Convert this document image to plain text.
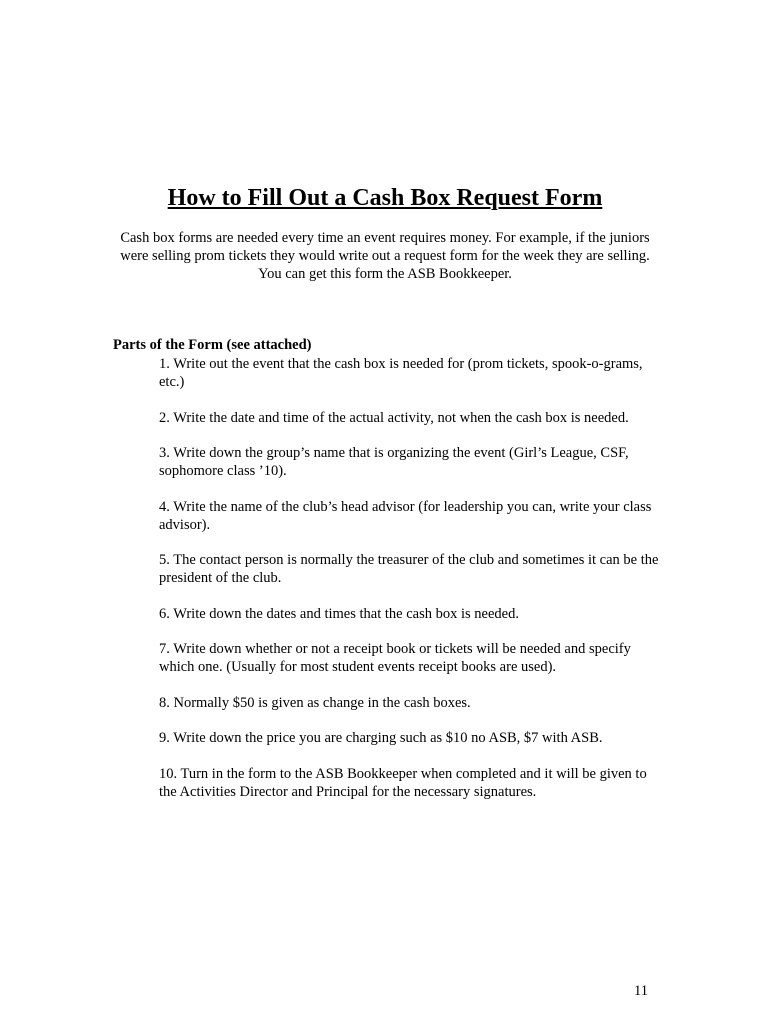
How to Fill Out a Cash Box Request Form

Cash box forms are needed every time an event requires money. For example, if the juniors were selling prom tickets they would write out a request form for the week they are selling. You can get this form the ASB Bookkeeper.

Parts of the Form (see attached)
1. Write out the event that the cash box is needed for (prom tickets, spook-o-grams, etc.)
2. Write the date and time of the actual activity, not when the cash box is needed.
3. Write down the group’s name that is organizing the event (Girl’s League, CSF, sophomore class ’10).
4. Write the name of the club’s head advisor (for leadership you can, write your class advisor).
5. The contact person is normally the treasurer of the club and sometimes it can be the president of the club.
6. Write down the dates and times that the cash box is needed.
7. Write down whether or not a receipt book or tickets will be needed and specify which one. (Usually for most student events receipt books are used).
8. Normally $50 is given as change in the cash boxes.
9. Write down the price you are charging such as $10 no ASB, $7 with ASB.
10. Turn in the form to the ASB Bookkeeper when completed and it will be given to the Activities Director and Principal for the necessary signatures.
11
